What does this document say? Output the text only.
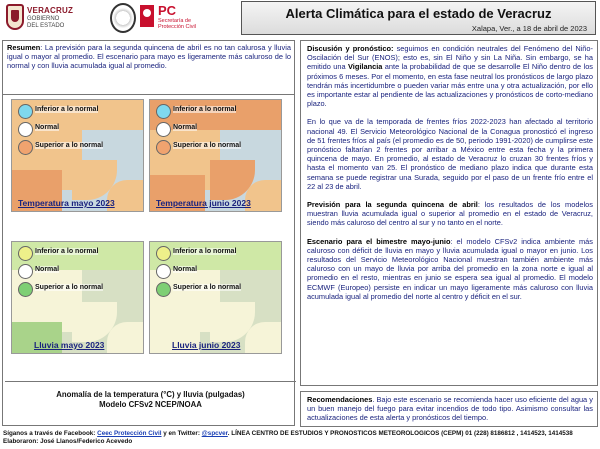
VERACRUZ
GOBIERNO
DEL ESTADO
PC
Secretaría de
Protección Civil
Alerta Climática para el estado de Veracruz
Xalapa, Ver., a 18 de abril de 2023
Resumen: La previsión para la segunda quincena de abril es no tan calurosa y lluvia igual o mayor al promedio. El escenario para mayo es ligeramente más caluroso de lo normal y con lluvia acumulada igual al promedio.
Inferior a lo normal
Normal
Superior a lo normal
Temperatura mayo 2023
Inferior a lo normal
Normal
Superior a lo normal
Temperatura junio 2023
Inferior a lo normal
Normal
Superior a lo normal
Lluvia mayo 2023
Inferior a lo normal
Normal
Superior a lo normal
Lluvia junio 2023
Anomalía de la temperatura (°C) y lluvia (pulgadas)
Modelo CFSv2 NCEP/NOAA

Discusión y pronóstico: seguimos en condición neutrales del Fenómeno del Niño-Oscilación del Sur (ENOS); esto es, sin El Niño y sin La Niña. Sin embargo, se ha emitido una Vigilancia ante la probabilidad de que se desarrolle El Niño dentro de los próximos 6 meses. Por el momento, en esta fase neutral los pronósticos de largo plazo tendrán más incertidumbre o pueden variar más entre una y otra actualización, por ello es importante estar al pendiente de las actualizaciones y pronósticos de corto-mediano plazo.

En lo que va de la temporada de frentes fríos 2022-2023 han afectado al territorio nacional 49. El Servicio Meteorológico Nacional de la Conagua pronosticó el ingreso de 51 frentes fríos al país (el promedio es de 50, periodo 1991-2020) de cumplirse este pronóstico faltarían 2 frentes por arribar a México entre esta fecha y la primera quincena de mayo. En promedio, al estado de Veracruz lo cruzan 30 frentes fríos y hasta el momento van 25. El pronóstico de mediano plazo indica que durante esta semana se puede registrar una Surada, seguido por el paso de un frente frío entre el 22 al 23 de abril.

Previsión para la segunda quincena de abril: los resultados de los modelos muestran lluvia acumulada igual o superior al promedio en el estado de Veracruz, siendo más caluroso del centro al sur y no tanto en el norte.

Escenario para el bimestre mayo-junio: el modelo CFSv2 indica ambiente más caluroso con déficit de lluvia en mayo y lluvia acumulada igual o mayor en junio. Los resultados del Servicio Meteorológico Nacional muestran también ambiente más caluroso con un mayo de lluvia por arriba del promedio en la zona norte e igual al promedio en el resto, mientras en junio se espera sea igual al promedio. El modelo ECMWF (Europeo) persiste en indicar un mayo ligeramente más caluroso con lluvia acumulada igual al promedio del norte al centro y déficit en el sur.

Recomendaciones. Bajo este escenario se recomienda hacer uso eficiente del agua y un buen manejo del fuego para evitar incendios de todo tipo. Asimismo consultar las actualizaciones de esta alerta y pronósticos del tiempo.
Síganos a través de Facebook: Ceec Protección Civil y en Twitter: @spcver. LÍNEA CENTRO DE ESTUDIOS Y PRONOSTICOS METEOROLOGICOS (CEPM) 01 (228) 8186812 , 1414523, 1414538
Elaboraron: José Llanos/Federico Acevedo
